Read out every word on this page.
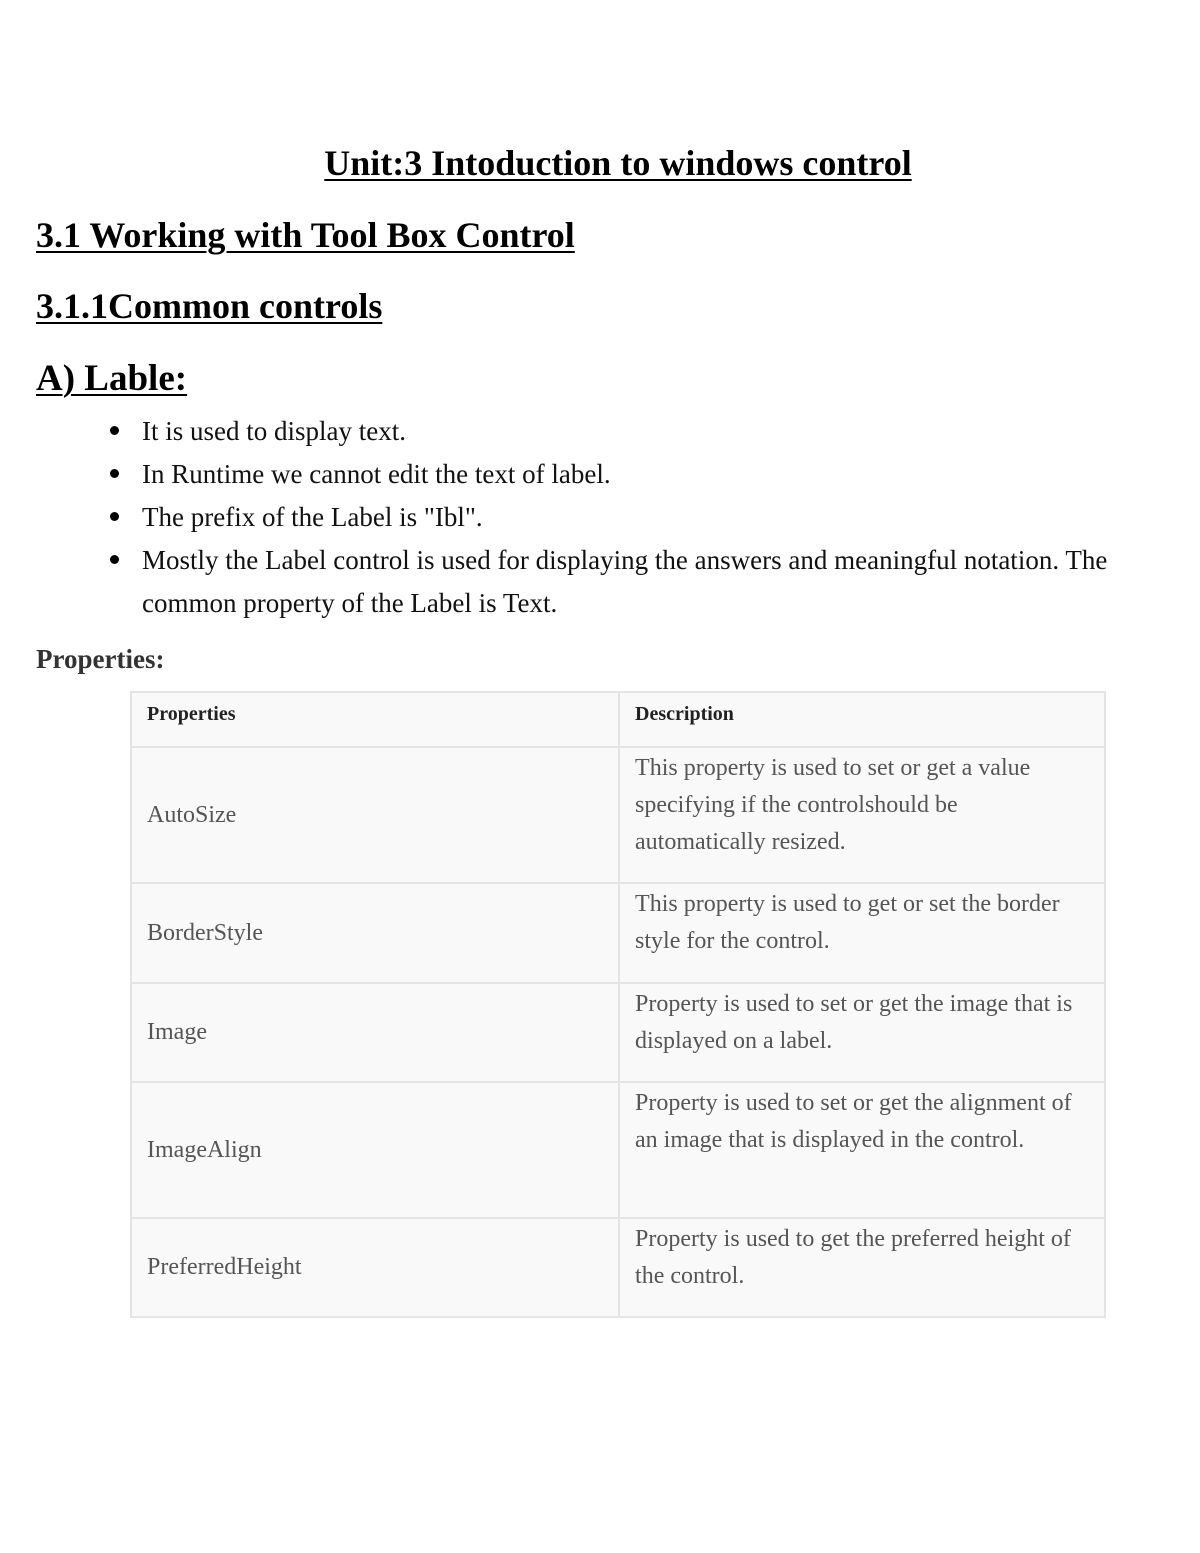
Unit:3 Intoduction to windows control
3.1 Working with Tool Box Control
3.1.1Common controls
A) Lable:
It is used to display text.
In Runtime we cannot edit the text of label.
The prefix of the Label is "Ibl".
Mostly the Label control is used for displaying the answers and meaningful notation. The common property of the Label is Text.
Properties:
Properties	Description
AutoSize	This property is used to set or get a value specifying if the controlshould be automatically resized.
BorderStyle	This property is used to get or set the border style for the control.
Image	Property is used to set or get the image that is displayed on a label.
ImageAlign	Property is used to set or get the alignment of an image that is displayed in the control.
PreferredHeight	Property is used to get the preferred height of the control.
